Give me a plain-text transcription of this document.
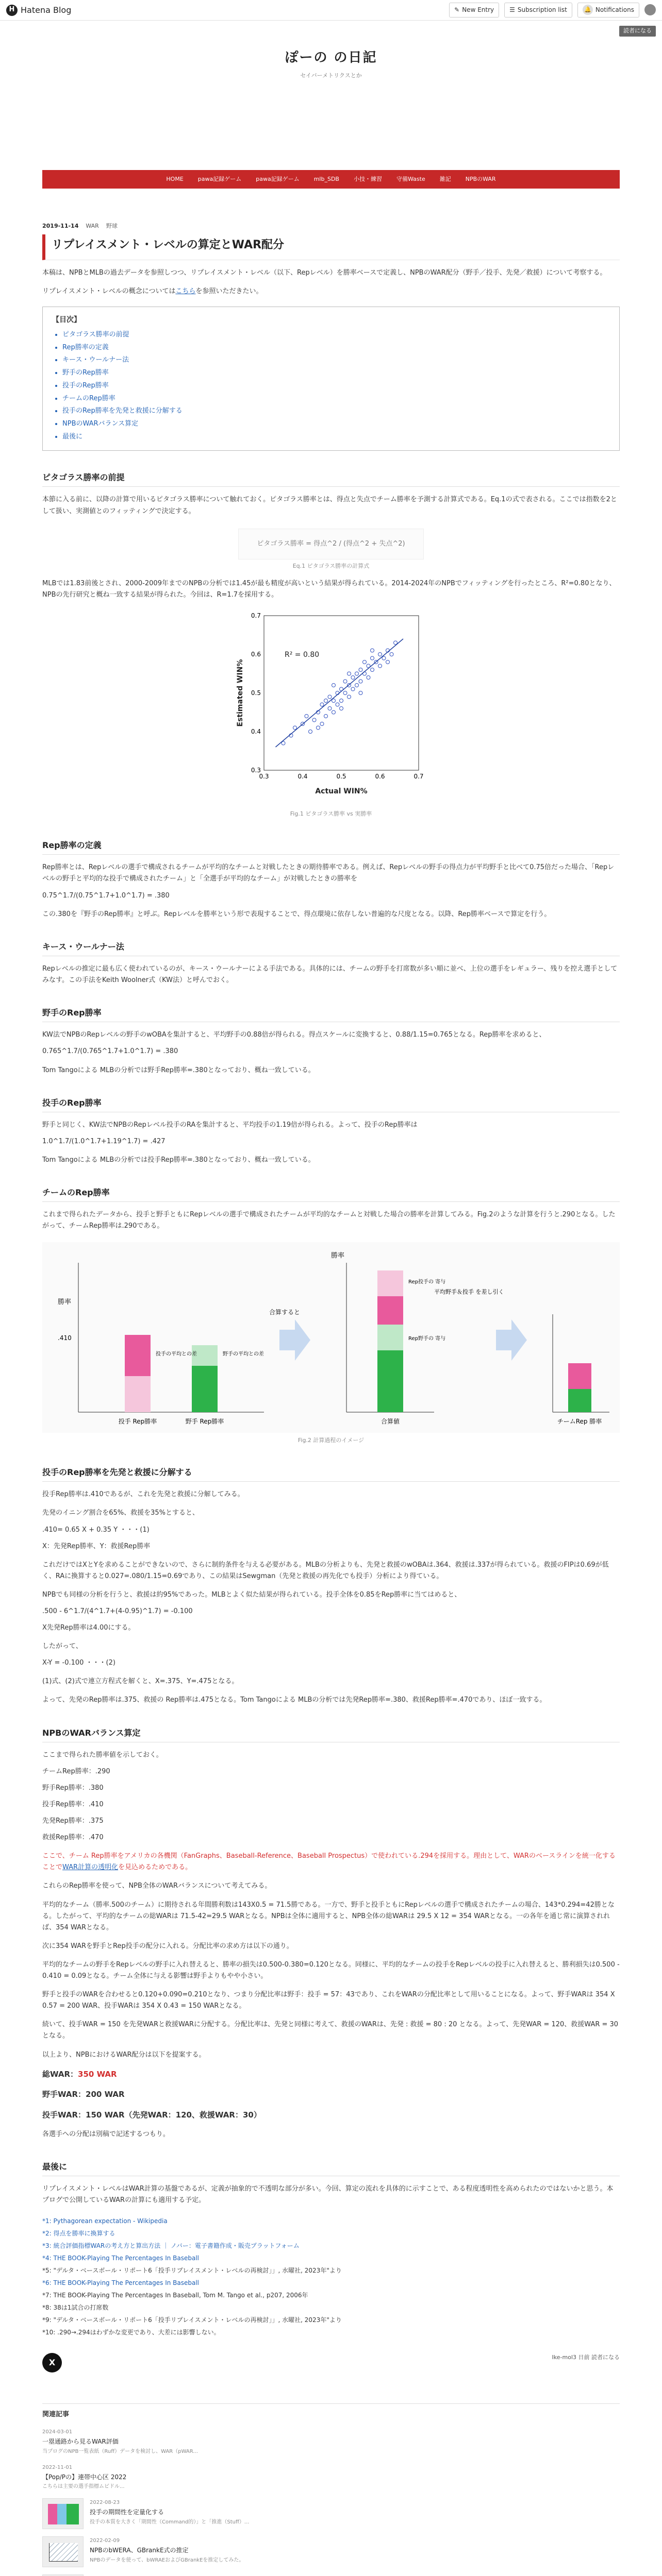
H Hatena Blog	✎ New Entry	☰ Subscription list	🔔 Notifications
読者になる
ぽーの の日記
セイバーメトリクスとか
HOME	pawa記録ゲーム	pawa記録ゲーム	mlb_SDB	小技・練習	守備Waste	雑記	NPBのWAR
2019-11-14 WAR 野球
リプレイスメント・レベルの算定とWAR配分

本稿は、NPBとMLBの過去データを参照しつつ、リプレイスメント・レベル（以下、Repレベル）を勝率ベースで定義し、NPBのWAR配分（野手／投手、先発／救援）について考察する。

リプレイスメント・レベルの概念についてはこちらを参照いただきたい。

【目次】
• ピタゴラス勝率の前提
• Rep勝率の定義
• キース・ウールナー法
• 野手のRep勝率
• 投手のRep勝率
• チームのRep勝率
• 投手のRep勝率を先発と救援に分解する
• NPBのWARバランス算定
• 最後に
ピタゴラス勝率の前提

本節に入る前に、以降の計算で用いるピタゴラス勝率について触れておく。ピタゴラス勝率とは、得点と失点でチーム勝率を予測する計算式である。Eq.1の式で表される。ここでは指数を2として扱い、実測値とのフィッティングで決定する。

ピタゴラス勝率 = 得点^2 / (得点^2 + 失点^2)
Eq.1 ピタゴラス勝率の計算式

MLBでは1.83前後とされ、2000-2009年までのNPBの分析では1.45が最も精度が高いという結果が得られている。2014-2024年のNPBでフィッティングを行ったところ、R²=0.80となり、NPBの先行研究と概ね一致する結果が得られた。今回は、R=1.7を採用する。

0.3	0.4	0.5	0.6	0.7
0.3
0.4
0.5
0.6
0.7
R² = 0.80
Actual WIN%
Estimated WIN%
Fig.1 ピタゴラス勝率 vs 実勝率
Rep勝率の定義

Rep勝率とは、Repレベルの選手で構成されるチームが平均的なチームと対戦したときの期待勝率である。例えば、Repレベルの野手の得点力が平均野手と比べて0.75倍だった場合、「Repレベルの野手と平均的な投手で構成されたチーム」と「全選手が平均的なチーム」が対戦したときの勝率を

0.75^1.7/(0.75^1.7+1.0^1.7) = .380

この.380を『野手のRep勝率』と呼ぶ。Repレベルを勝率という形で表現することで、得点環境に依存しない普遍的な尺度となる。以降、Rep勝率ベースで算定を行う。

キース・ウールナー法

Repレベルの推定に最も広く使われているのが、キース・ウールナーによる手法である。具体的には、チームの野手を打席数が多い順に並べ、上位の選手をレギュラー、残りを控え選手としてみなす。この手法をKeith Woolner式（KW法）と呼んでおく。

野手のRep勝率

KW法でNPBのRepレベルの野手のwOBAを集計すると、平均野手の0.88倍が得られる。得点スケールに変換すると、0.88/1.15=0.765となる。Rep勝率を求めると、

0.765^1.7/(0.765^1.7+1.0^1.7) = .380

Tom Tangoによる MLBの分析では野手Rep勝率=.380となっており、概ね一致している。

投手のRep勝率

野手と同じく、KW法でNPBのRepレベル投手のRAを集計すると、平均投手の1.19倍が得られる。よって、投手のRep勝率は

1.0^1.7/(1.0^1.7+1.19^1.7) = .427

Tom Tangoによる MLBの分析では投手Rep勝率=.380となっており、概ね一致している。

チームのRep勝率

これまで得られたデータから、投手と野手ともにRepレベルの選手で構成されたチームが平均的なチームと対戦した場合の勝率を計算してみる。Fig.2のような計算を行うと.290となる。したがって、チームRep勝率は.290である。

勝率
.410
投手 Rep勝率	野手 Rep勝率
投手の平均との差	野手の平均との差
合算すると
勝率
合算値
Rep投手の 寄与
Rep野手の 寄与
平均野手＆投手 を差し引く
チームRep 勝率
Fig.2 計算過程のイメージ
投手のRep勝率を先発と救援に分解する

投手Rep勝率は.410であるが、これを先発と救援に分解してみる。

先発のイニング割合を65%、救援を35%とすると、

.410= 0.65 X + 0.35 Y ・・・(1)
X：先発Rep勝率、Y：救援Rep勝率

これだけではXとYを求めることができないので、さらに制約条件を与える必要がある。MLBの分析よりも、先発と救援のwOBAは.364、救援は.337が得られている。救援のFIPは0.69が低く、RAに換算すると0.027=.080/1.15=0.69であり、この結果はSewgman（先発と救援の再先化でも投手）分析により得ている。

NPBでも同様の分析を行うと、救援は約95%であった。MLBとよく似た結果が得られている。投手全体を0.85をRep勝率に当てはめると、

.500 - 6^1.7/(4^1.7+(4-0.95)^1.7) = -0.100
X先発Rep勝率は4.00にする。

したがって、

X-Y = -0.100 ・・・(2)

(1)式、(2)式で連立方程式を解くと、X=.375、Y=.475となる。

よって、先発のRep勝率は.375、救援の Rep勝率は.475となる。Tom Tangoによる MLBの分析では先発Rep勝率=.380、救援Rep勝率=.470であり、ほぼ一致する。

NPBのWARバランス算定

ここまで得られた勝率値を示しておく。

チームRep勝率：.290
野手Rep勝率：.380
投手Rep勝率：.410
先発Rep勝率：.375
救援Rep勝率：.470

ここで、チーム Rep勝率をアメリカの各機関（FanGraphs、Baseball-Reference、Baseball Prospectus）で使われている.294を採用する。理由として、WARのベースラインを統一化することでWAR計算の透明化を見込めるためである。

これらのRep勝率を使って、NPB全体のWARバランスについて考えてみる。

平均的なチーム（勝率.500のチーム）に期待される年間勝利数は143X0.5 = 71.5勝である。一方で、野手と投手ともにRepレベルの選手で構成されたチームの場合、143*0.294=42勝となる。したがって、平均的なチームの総WARは 71.5-42=29.5 WARとなる。NPBは全体に適用すると、NPB全体の総WARは 29.5 X 12 = 354 WARとなる。一の各年を通じ常に演算されれば、354 WARとなる。

次に354 WARを野手とRep投手の配分に入れる。分配比率の求め方は以下の通り。

平均的なチームの野手をRepレベルの野手に入れ替えると、勝率の損失は0.500-0.380=0.120となる。同様に、平均的なチームの投手をRepレベルの投手に入れ替えると、勝利損失は0.500 - 0.410 = 0.09となる。チーム全体に与える影響は野手よりもやや小さい。

野手と投手のWARを合わせると0.120+0.090=0.210となり、つまり分配比率は野手：投手 = 57：43であり、これをWARの分配比率として用いることになる。よって、野手WARは 354 X 0.57 = 200 WAR、投手WARは 354 X 0.43 = 150 WARとなる。

続いて、投手WAR = 150 を先発WARと救援WARに分配する。分配比率は、先発と同様に考えて、救援のWARは、先発 : 救援 = 80 : 20 となる。よって、先発WAR = 120、救援WAR = 30 となる。

以上より、NPBにおけるWAR配分は以下を提案する。

総WAR：350 WAR
野手WAR：200 WAR
投手WAR：150 WAR（先発WAR：120、救援WAR：30）

各選手への分配は別稿で記述するつもり。

最後に

リプレイスメント・レベルはWAR計算の基盤であるが、定義が抽象的で不透明な部分が多い。今回、算定の流れを具体的に示すことで、ある程度透明性を高められたのではないかと思う。本プログで公開しているWARの計算にも適用する予定。

*1: Pythagorean expectation - Wikipedia
*2: 得点を勝率に換算する
*3: 統合評価指標WARの考え方と算出方法 ｜ ノバー：電子書籍作成・販売プラットフォーム
*4: THE BOOK-Playing The Percentages In Baseball
*5: "デルタ・ベースボール・リポート6「投手リプレイスメント・レベルの再検討」」, 水曜社, 2023年"より
*6: THE BOOK-Playing The Percentages In Baseball
*7: THE BOOK-Playing The Percentages In Baseball, Tom M. Tango et al., p207, 2006年
*8: 38は1試合の打席数
*9: "デルタ・ベースボール・リポート6「投手リプレイスメント・レベルの再検討」」, 水曜社, 2023年"より
*10: .290→.294はわずかな変更であり、大差には影響しない。
X
Ike-mol3 日前 読者になる
関連記事
2024-03-01
一塁通路から見るWAR評価
当プログのNPB一覧表紙（Ruff）データを検討し、WAR（pWAR...
2022-11-01
【Pop/Pの】連帯中心区 2022
こちらは主要の選手指標ムビドル...
2022-08-23
投手の期間性を定量化する
投手の本質を大きく「期間性（Command的）」と「推進（Stuff）...
2022-02-09
NPBのbWERA、GBrankE式の推定
NPBのデータを使って、bWRAEおよびGBrankEを推定してみた。
